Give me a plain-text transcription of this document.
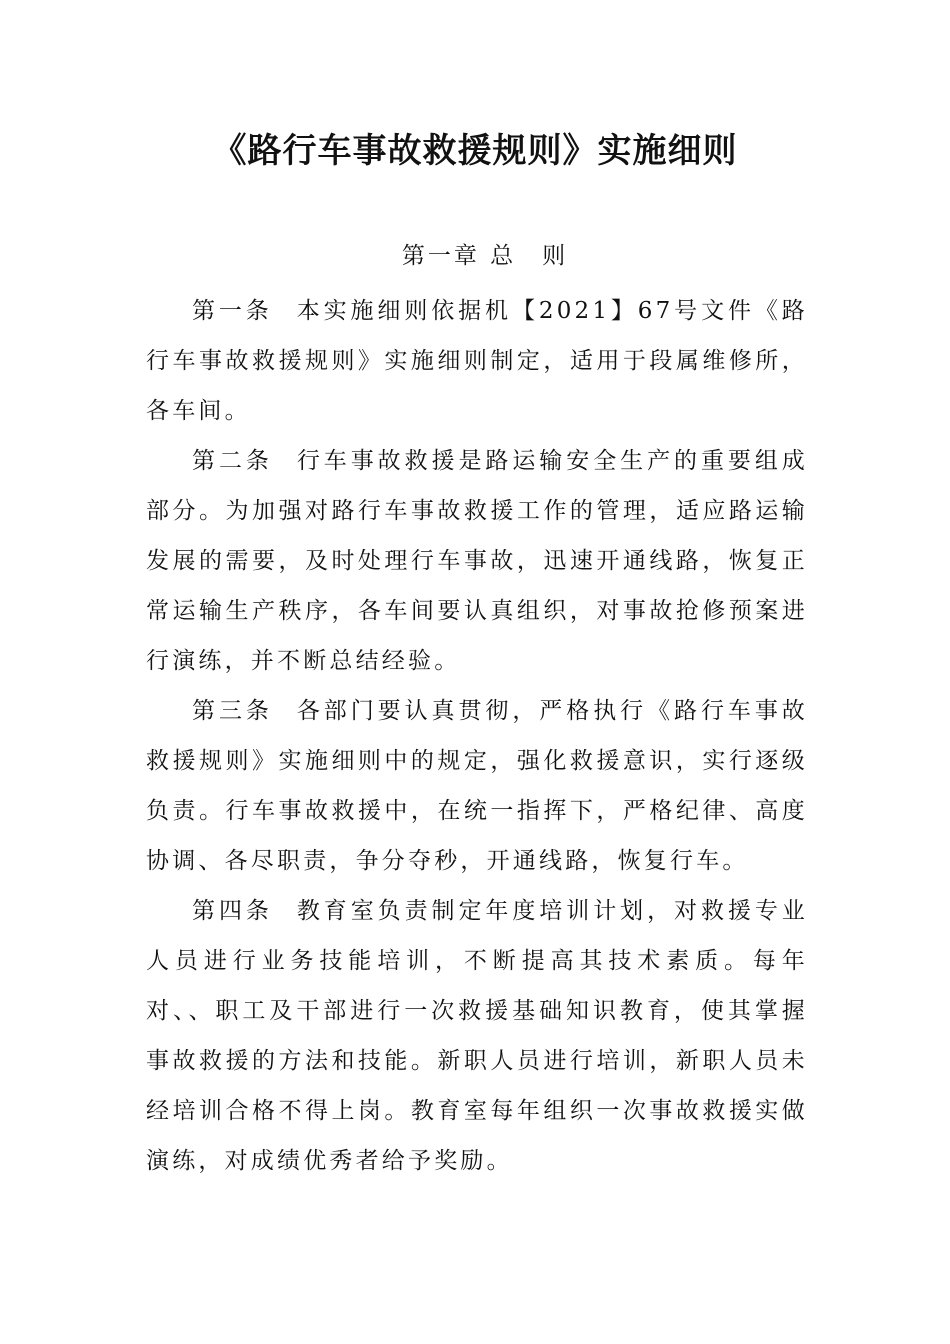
《路行车事故救援规则》实施细则
第一章 总　则

第一条 本实施细则依据机【2021】67号文件《路行车事故救援规则》实施细则制定，适用于段属维修所，各车间。

第二条 行车事故救援是路运输安全生产的重要组成部分。为加强对路行车事故救援工作的管理，适应路运输发展的需要，及时处理行车事故，迅速开通线路，恢复正常运输生产秩序，各车间要认真组织，对事故抢修预案进行演练，并不断总结经验。

第三条 各部门要认真贯彻，严格执行《路行车事故救援规则》实施细则中的规定，强化救援意识，实行逐级负责。行车事故救援中，在统一指挥下，严格纪律、高度协调、各尽职责，争分夺秒，开通线路，恢复行车。

第四条 教育室负责制定年度培训计划，对救援专业人员进行业务技能培训，不断提高其技术素质。每年对、、职工及干部进行一次救援基础知识教育，使其掌握事故救援的方法和技能。新职人员进行培训，新职人员未经培训合格不得上岗。教育室每年组织一次事故救援实做演练，对成绩优秀者给予奖励。
